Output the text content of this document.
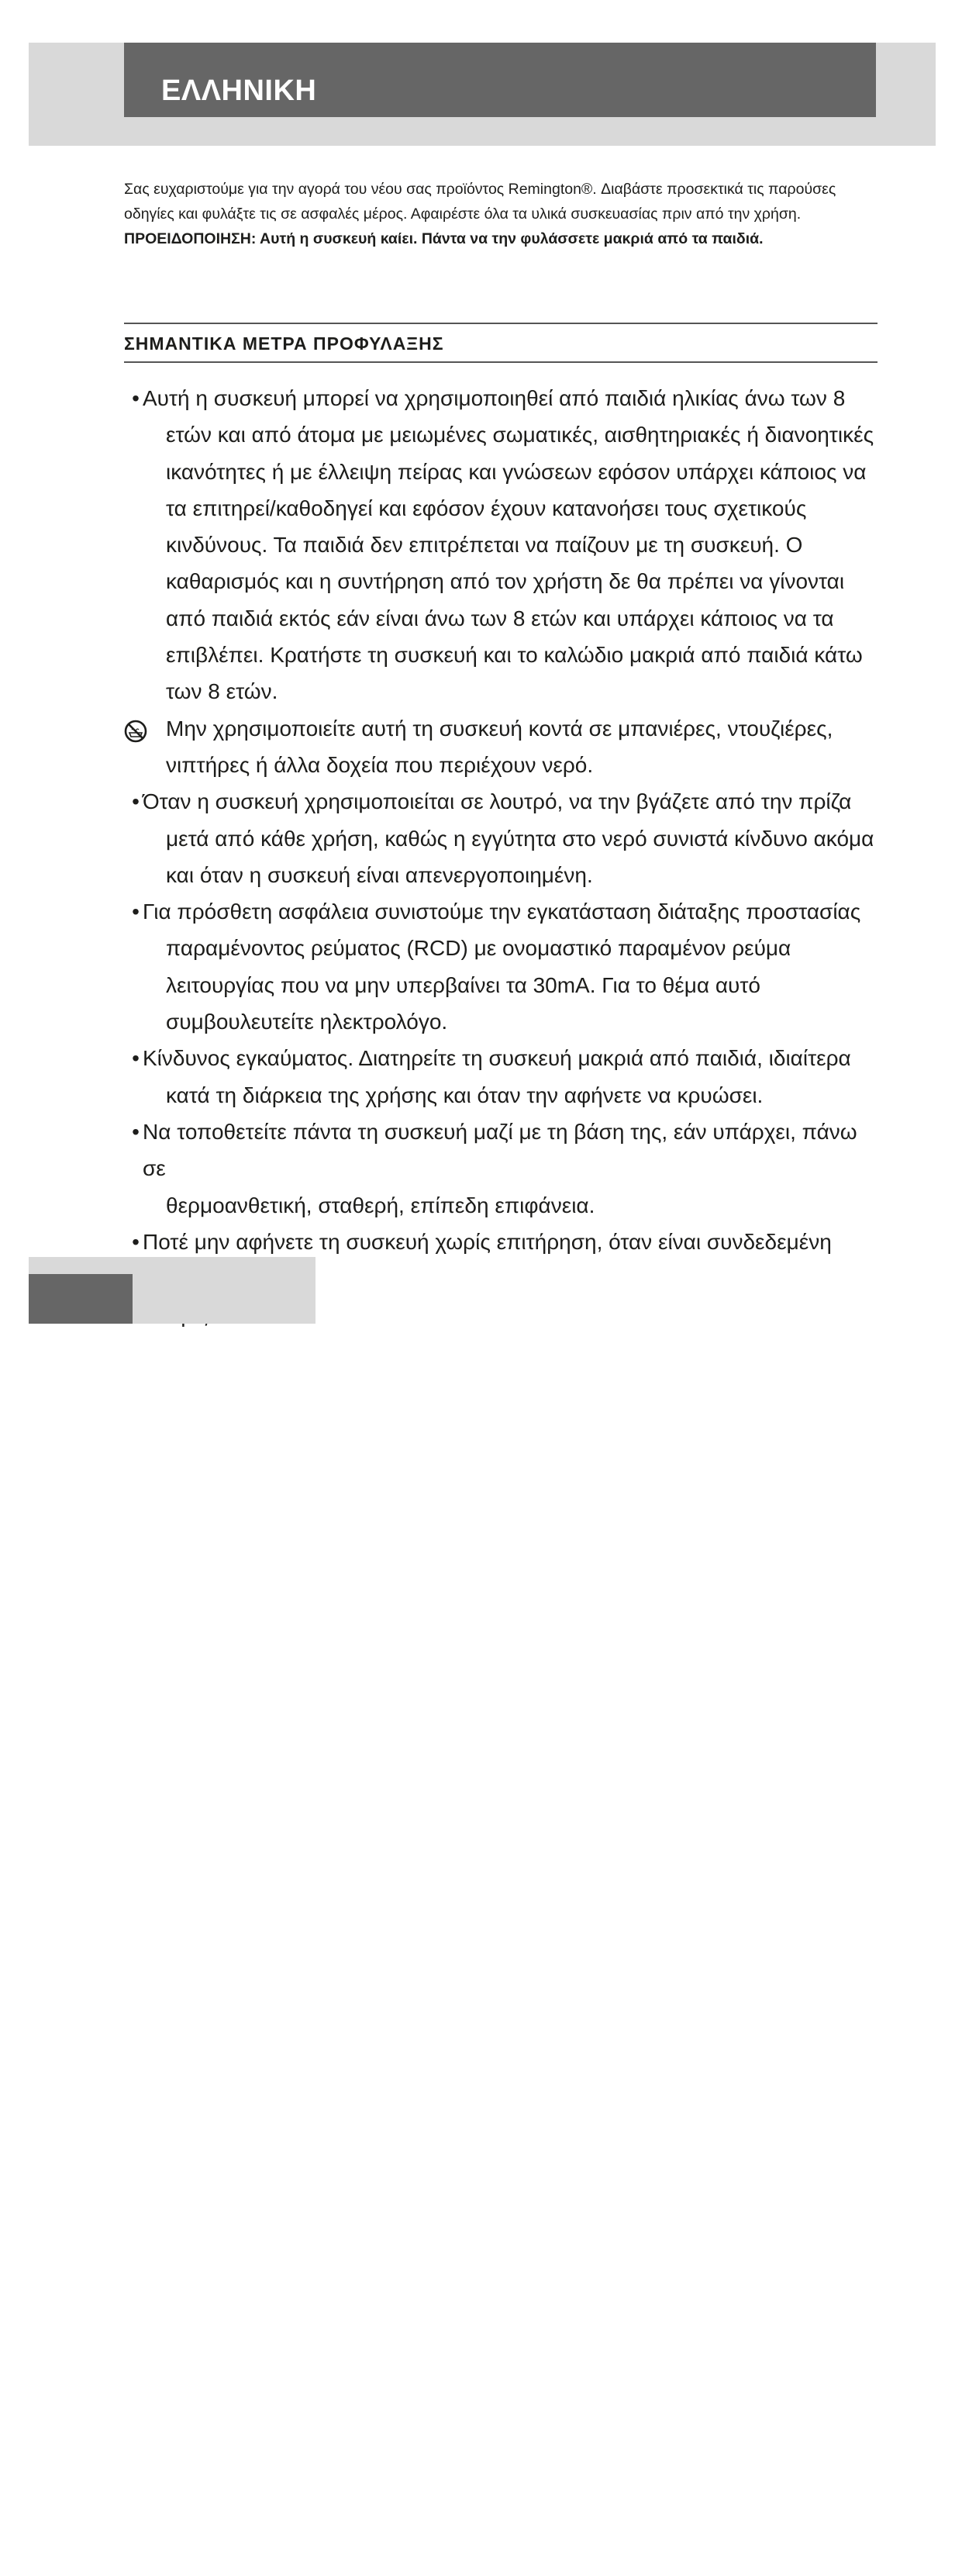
ΕΛΛΗΝΙΚΗ

Σας ευχαριστούμε για την αγορά του νέου σας προϊόντος Remington®. Διαβάστε προσεκτικά τις παρούσες οδηγίες και φυλάξτε τις σε ασφαλές μέρος. Αφαιρέστε όλα τα υλικά συσκευασίας πριν από την χρήση.

ΠΡΟΕΙΔΟΠΟΙΗΣΗ: Αυτή η συσκευή καίει. Πάντα να την φυλάσσετε μακριά από τα παιδιά.

ΣΗΜΑΝΤΙΚΑ ΜΕΤΡΑ ΠΡΟΦΥΛΑΞΗΣ
• Αυτή η συσκευή μπορεί να χρησιμοποιηθεί από παιδιά ηλικίας άνω των 8
ετών και από άτομα με μειωμένες σωματικές, αισθητηριακές ή διανοητικές ικανότητες ή με έλλειψη πείρας και γνώσεων εφόσον υπάρχει κάποιος να τα επιτηρεί/καθοδηγεί και εφόσον έχουν κατανοήσει τους σχετικούς κινδύνους. Τα παιδιά δεν επιτρέπεται να παίζουν με τη συσκευή. Ο καθαρισμός και η συντήρηση από τον χρήστη δε θα πρέπει να γίνονται από παιδιά εκτός εάν είναι άνω των 8 ετών και υπάρχει κάποιος να τα επιβλέπει. Κρατήστε τη συσκευή και το καλώδιο μακριά από παιδιά κάτω των 8 ετών.
Μην χρησιμοποιείτε αυτή τη συσκευή κοντά σε μπανιέρες, ντουζιέρες, νιπτήρες ή άλλα δοχεία που περιέχουν νερό.
• Όταν η συσκευή χρησιμοποιείται σε λουτρό, να την βγάζετε από την πρίζα
μετά από κάθε χρήση, καθώς η εγγύτητα στο νερό συνιστά κίνδυνο ακόμα και όταν η συσκευή είναι απενεργοποιημένη.
• Για πρόσθετη ασφάλεια συνιστούμε την εγκατάσταση διάταξης προστασίας
παραμένοντος ρεύματος (RCD) με ονομαστικό παραμένον ρεύμα λειτουργίας που να μην υπερβαίνει τα 30mA. Για το θέμα αυτό συμβουλευτείτε ηλεκτρολόγο.
• Κίνδυνος εγκαύματος. Διατηρείτε τη συσκευή μακριά από παιδιά, ιδιαίτερα
κατά τη διάρκεια της χρήσης και όταν την αφήνετε να κρυώσει.
• Να τοποθετείτε πάντα τη συσκευή μαζί με τη βάση της, εάν υπάρχει, πάνω σε
θερμοανθετική, σταθερή, επίπεδη επιφάνεια.
• Ποτέ μην αφήνετε τη συσκευή χωρίς επιτήρηση, όταν είναι συνδεδεμένη
68
